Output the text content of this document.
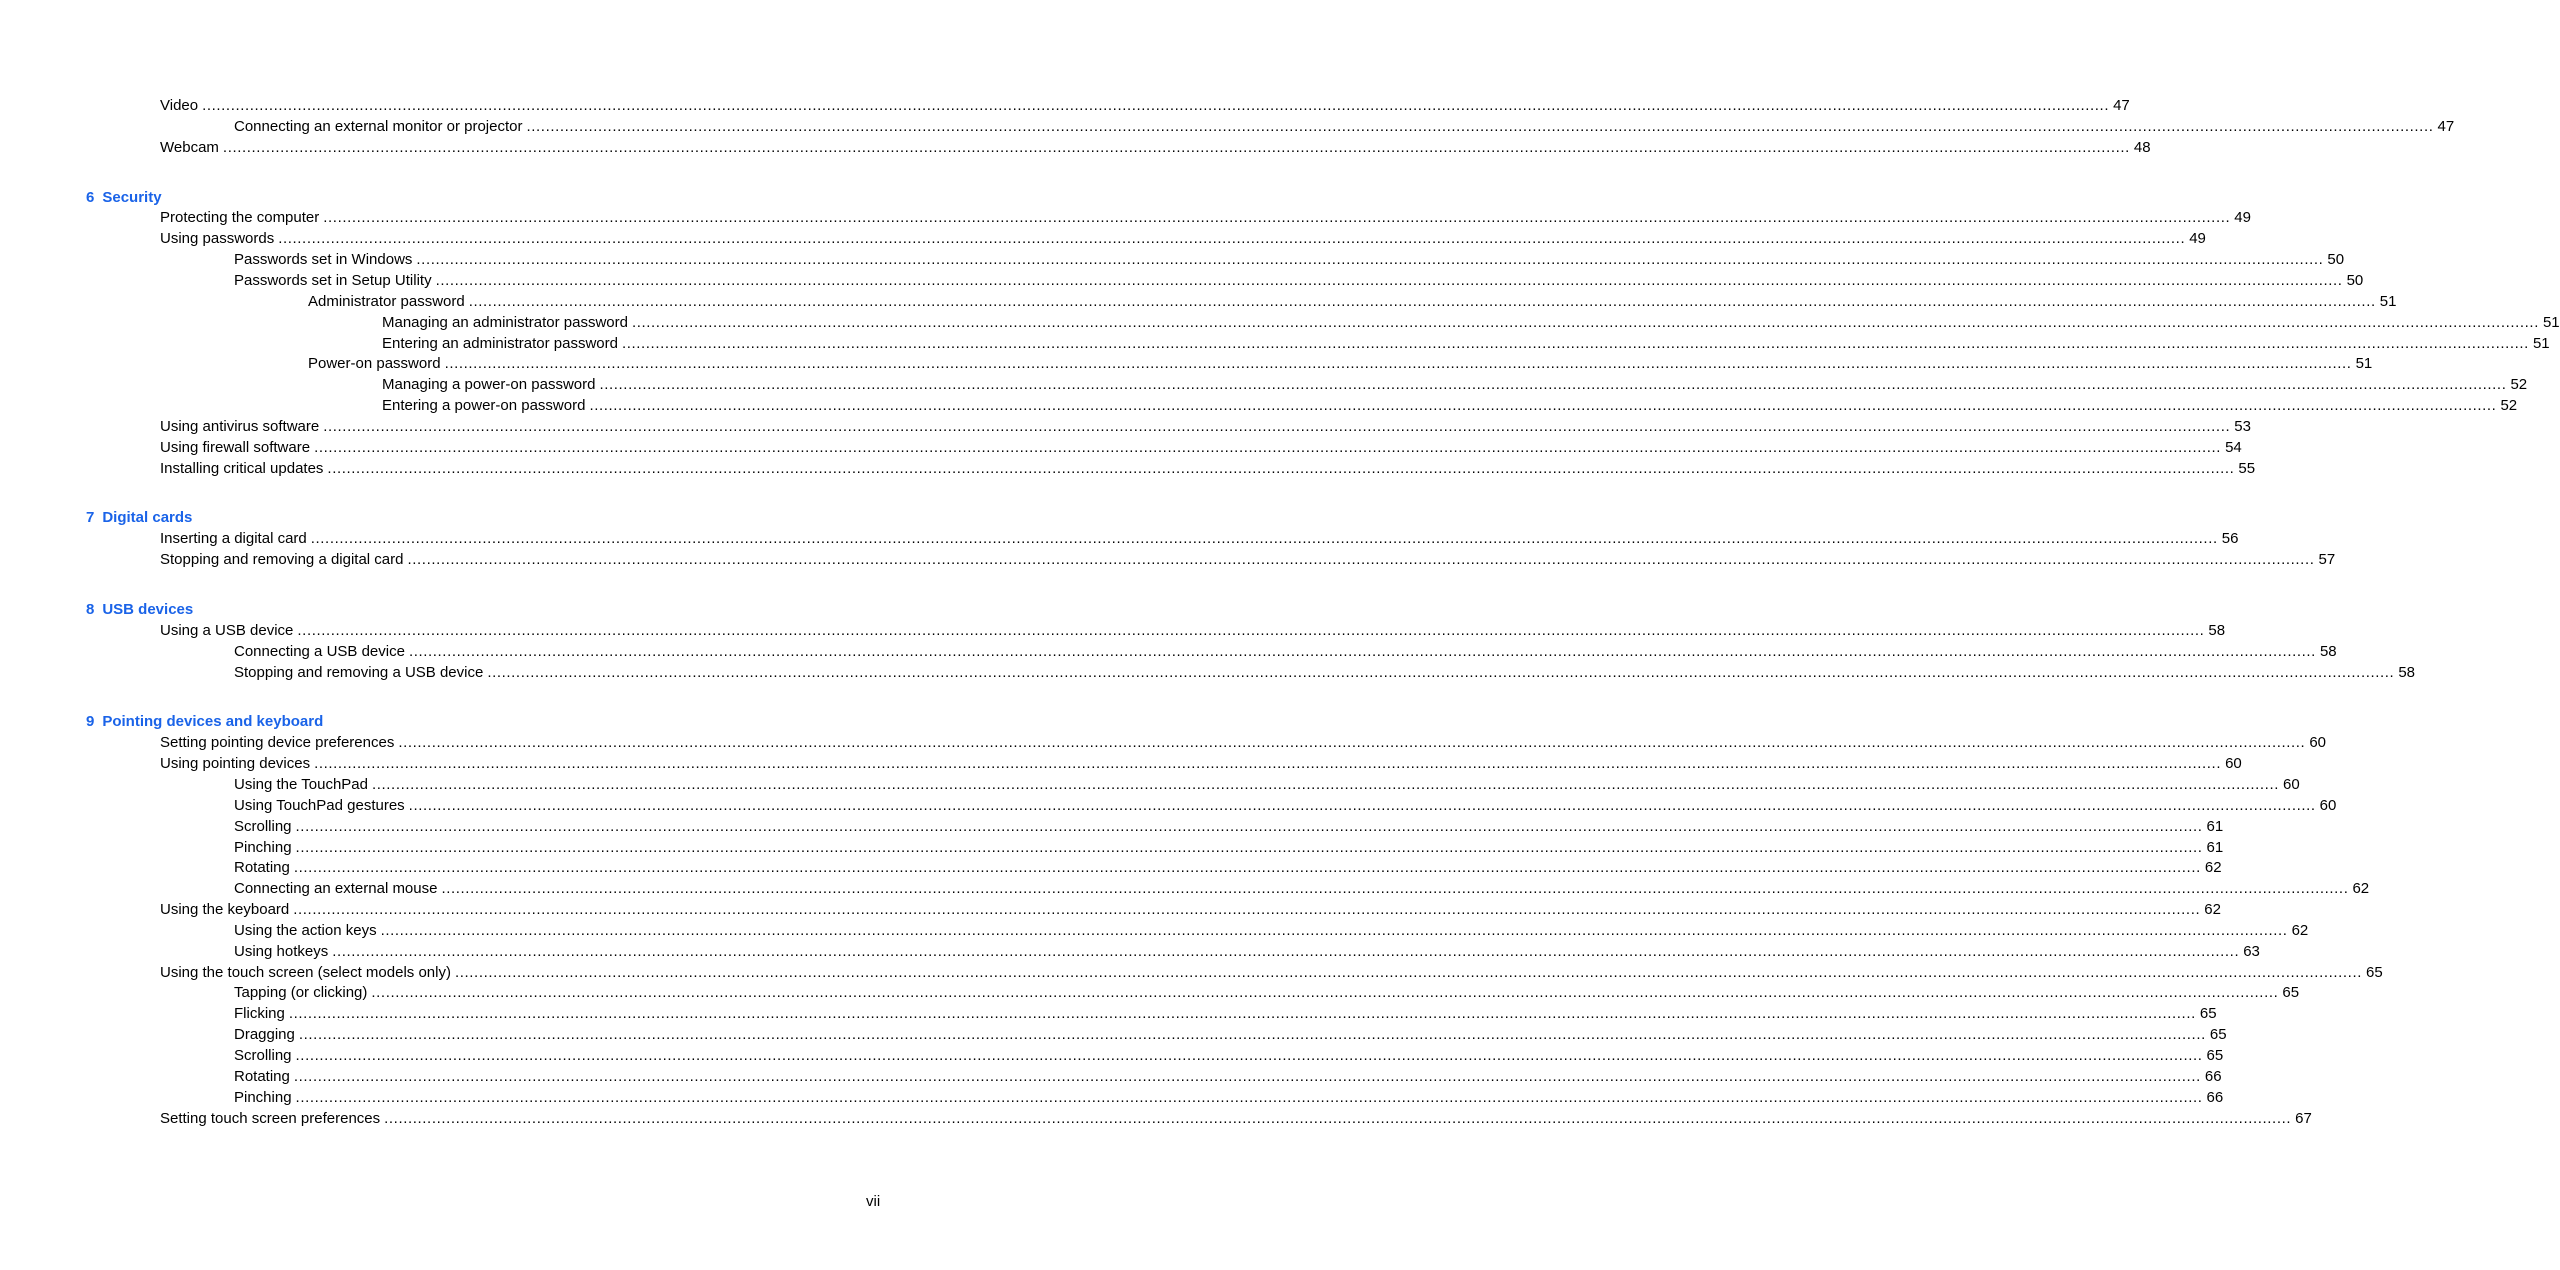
Video ................................................................................................................................................................................................................................................................................................................................................................................................................ 47
Connecting an external monitor or projector ................................................................................................................................................................................................................................................................................................................................................................................................................ 47
Webcam ................................................................................................................................................................................................................................................................................................................................................................................................................ 48
6 Security
Protecting the computer ................................................................................................................................................................................................................................................................................................................................................................................................................ 49
Using passwords ................................................................................................................................................................................................................................................................................................................................................................................................................ 49
Passwords set in Windows ................................................................................................................................................................................................................................................................................................................................................................................................................ 50
Passwords set in Setup Utility ................................................................................................................................................................................................................................................................................................................................................................................................................ 50
Administrator password ................................................................................................................................................................................................................................................................................................................................................................................................................ 51
Managing an administrator password ................................................................................................................................................................................................................................................................................................................................................................................................................ 51
Entering an administrator password ................................................................................................................................................................................................................................................................................................................................................................................................................ 51
Power-on password ................................................................................................................................................................................................................................................................................................................................................................................................................ 51
Managing a power-on password ................................................................................................................................................................................................................................................................................................................................................................................................................ 52
Entering a power-on password ................................................................................................................................................................................................................................................................................................................................................................................................................ 52
Using antivirus software ................................................................................................................................................................................................................................................................................................................................................................................................................ 53
Using firewall software ................................................................................................................................................................................................................................................................................................................................................................................................................ 54
Installing critical updates ................................................................................................................................................................................................................................................................................................................................................................................................................ 55
7 Digital cards
Inserting a digital card ................................................................................................................................................................................................................................................................................................................................................................................................................ 56
Stopping and removing a digital card ................................................................................................................................................................................................................................................................................................................................................................................................................ 57
8 USB devices
Using a USB device ................................................................................................................................................................................................................................................................................................................................................................................................................ 58
Connecting a USB device ................................................................................................................................................................................................................................................................................................................................................................................................................ 58
Stopping and removing a USB device ................................................................................................................................................................................................................................................................................................................................................................................................................ 58
9 Pointing devices and keyboard
Setting pointing device preferences ................................................................................................................................................................................................................................................................................................................................................................................................................ 60
Using pointing devices ................................................................................................................................................................................................................................................................................................................................................................................................................ 60
Using the TouchPad ................................................................................................................................................................................................................................................................................................................................................................................................................ 60
Using TouchPad gestures ................................................................................................................................................................................................................................................................................................................................................................................................................ 60
Scrolling ................................................................................................................................................................................................................................................................................................................................................................................................................ 61
Pinching ................................................................................................................................................................................................................................................................................................................................................................................................................ 61
Rotating ................................................................................................................................................................................................................................................................................................................................................................................................................ 62
Connecting an external mouse ................................................................................................................................................................................................................................................................................................................................................................................................................ 62
Using the keyboard ................................................................................................................................................................................................................................................................................................................................................................................................................ 62
Using the action keys ................................................................................................................................................................................................................................................................................................................................................................................................................ 62
Using hotkeys ................................................................................................................................................................................................................................................................................................................................................................................................................ 63
Using the touch screen (select models only) ................................................................................................................................................................................................................................................................................................................................................................................................................ 65
Tapping (or clicking) ................................................................................................................................................................................................................................................................................................................................................................................................................ 65
Flicking ................................................................................................................................................................................................................................................................................................................................................................................................................ 65
Dragging ................................................................................................................................................................................................................................................................................................................................................................................................................ 65
Scrolling ................................................................................................................................................................................................................................................................................................................................................................................................................ 65
Rotating ................................................................................................................................................................................................................................................................................................................................................................................................................ 66
Pinching ................................................................................................................................................................................................................................................................................................................................................................................................................ 66
Setting touch screen preferences ................................................................................................................................................................................................................................................................................................................................................................................................................ 67
vii
